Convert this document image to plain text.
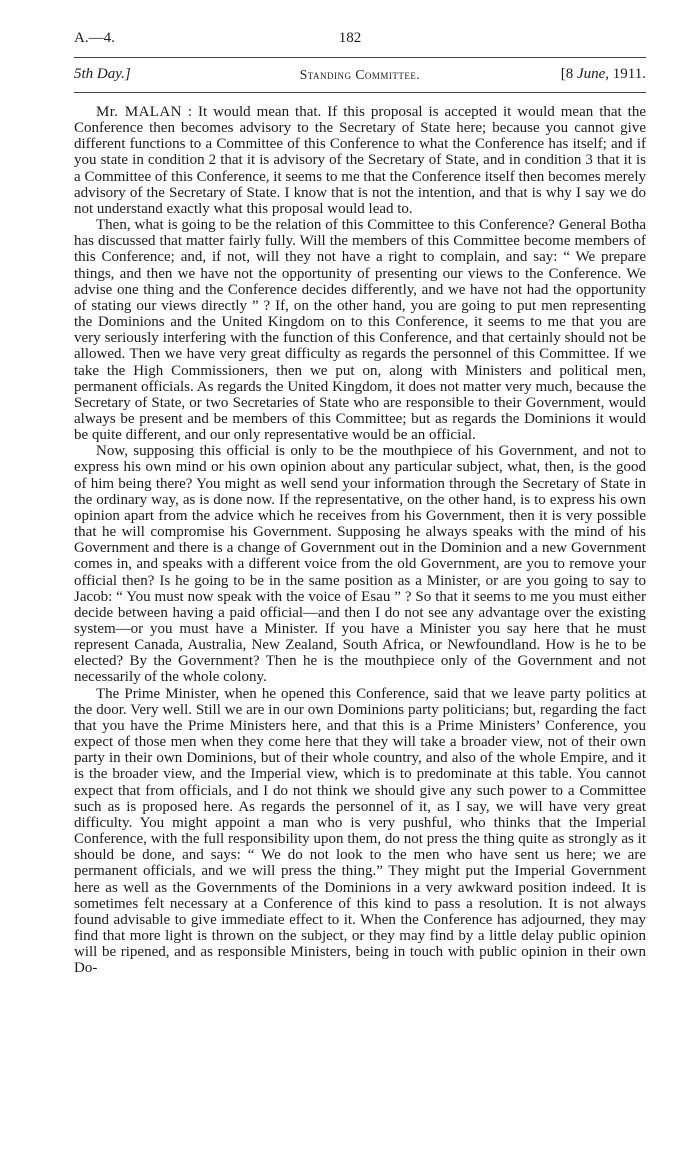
A.—4.	182
5th Day.]	Standing Committee.	[8 June, 1911.

Mr. MALAN : It would mean that. If this proposal is accepted it would mean that the Conference then becomes advisory to the Secretary of State here; because you cannot give different functions to a Committee of this Conference to what the Conference has itself; and if you state in condition 2 that it is advisory of the Secretary of State, and in condition 3 that it is a Committee of this Conference, it seems to me that the Conference itself then becomes merely advisory of the Secretary of State. I know that is not the intention, and that is why I say we do not understand exactly what this proposal would lead to.

Then, what is going to be the relation of this Committee to this Conference? General Botha has discussed that matter fairly fully. Will the members of this Committee become members of this Conference; and, if not, will they not have a right to complain, and say: “ We prepare things, and then we have not the opportunity of presenting our views to the Conference. We advise one thing and the Conference decides differently, and we have not had the opportunity of stating our views directly ” ? If, on the other hand, you are going to put men representing the Dominions and the United Kingdom on to this Conference, it seems to me that you are very seriously interfering with the function of this Conference, and that certainly should not be allowed. Then we have very great difficulty as regards the personnel of this Committee. If we take the High Commissioners, then we put on, along with Ministers and political men, permanent officials. As regards the United Kingdom, it does not matter very much, because the Secretary of State, or two Secretaries of State who are responsible to their Government, would always be present and be members of this Committee; but as regards the Dominions it would be quite different, and our only representative would be an official.

Now, supposing this official is only to be the mouthpiece of his Government, and not to express his own mind or his own opinion about any particular subject, what, then, is the good of him being there? You might as well send your information through the Secretary of State in the ordinary way, as is done now. If the representative, on the other hand, is to express his own opinion apart from the advice which he receives from his Government, then it is very possible that he will compromise his Government. Supposing he always speaks with the mind of his Government and there is a change of Government out in the Dominion and a new Government comes in, and speaks with a different voice from the old Government, are you to remove your official then? Is he going to be in the same position as a Minister, or are you going to say to Jacob: “ You must now speak with the voice of Esau ” ? So that it seems to me you must either decide between having a paid official—and then I do not see any advantage over the existing system—or you must have a Minister. If you have a Minister you say here that he must represent Canada, Australia, New Zealand, South Africa, or Newfoundland. How is he to be elected? By the Government? Then he is the mouthpiece only of the Government and not necessarily of the whole colony.

The Prime Minister, when he opened this Conference, said that we leave party politics at the door. Very well. Still we are in our own Dominions party politicians; but, regarding the fact that you have the Prime Ministers here, and that this is a Prime Ministers’ Conference, you expect of those men when they come here that they will take a broader view, not of their own party in their own Dominions, but of their whole country, and also of the whole Empire, and it is the broader view, and the Imperial view, which is to predominate at this table. You cannot expect that from officials, and I do not think we should give any such power to a Committee such as is proposed here. As regards the personnel of it, as I say, we will have very great difficulty. You might appoint a man who is very pushful, who thinks that the Imperial Conference, with the full responsibility upon them, do not press the thing quite as strongly as it should be done, and says: “ We do not look to the men who have sent us here; we are permanent officials, and we will press the thing.” They might put the Imperial Government here as well as the Governments of the Dominions in a very awkward position indeed. It is sometimes felt necessary at a Conference of this kind to pass a resolution. It is not always found advisable to give immediate effect to it. When the Conference has adjourned, they may find that more light is thrown on the subject, or they may find by a little delay public opinion will be ripened, and as responsible Ministers, being in touch with public opinion in their own Do-
